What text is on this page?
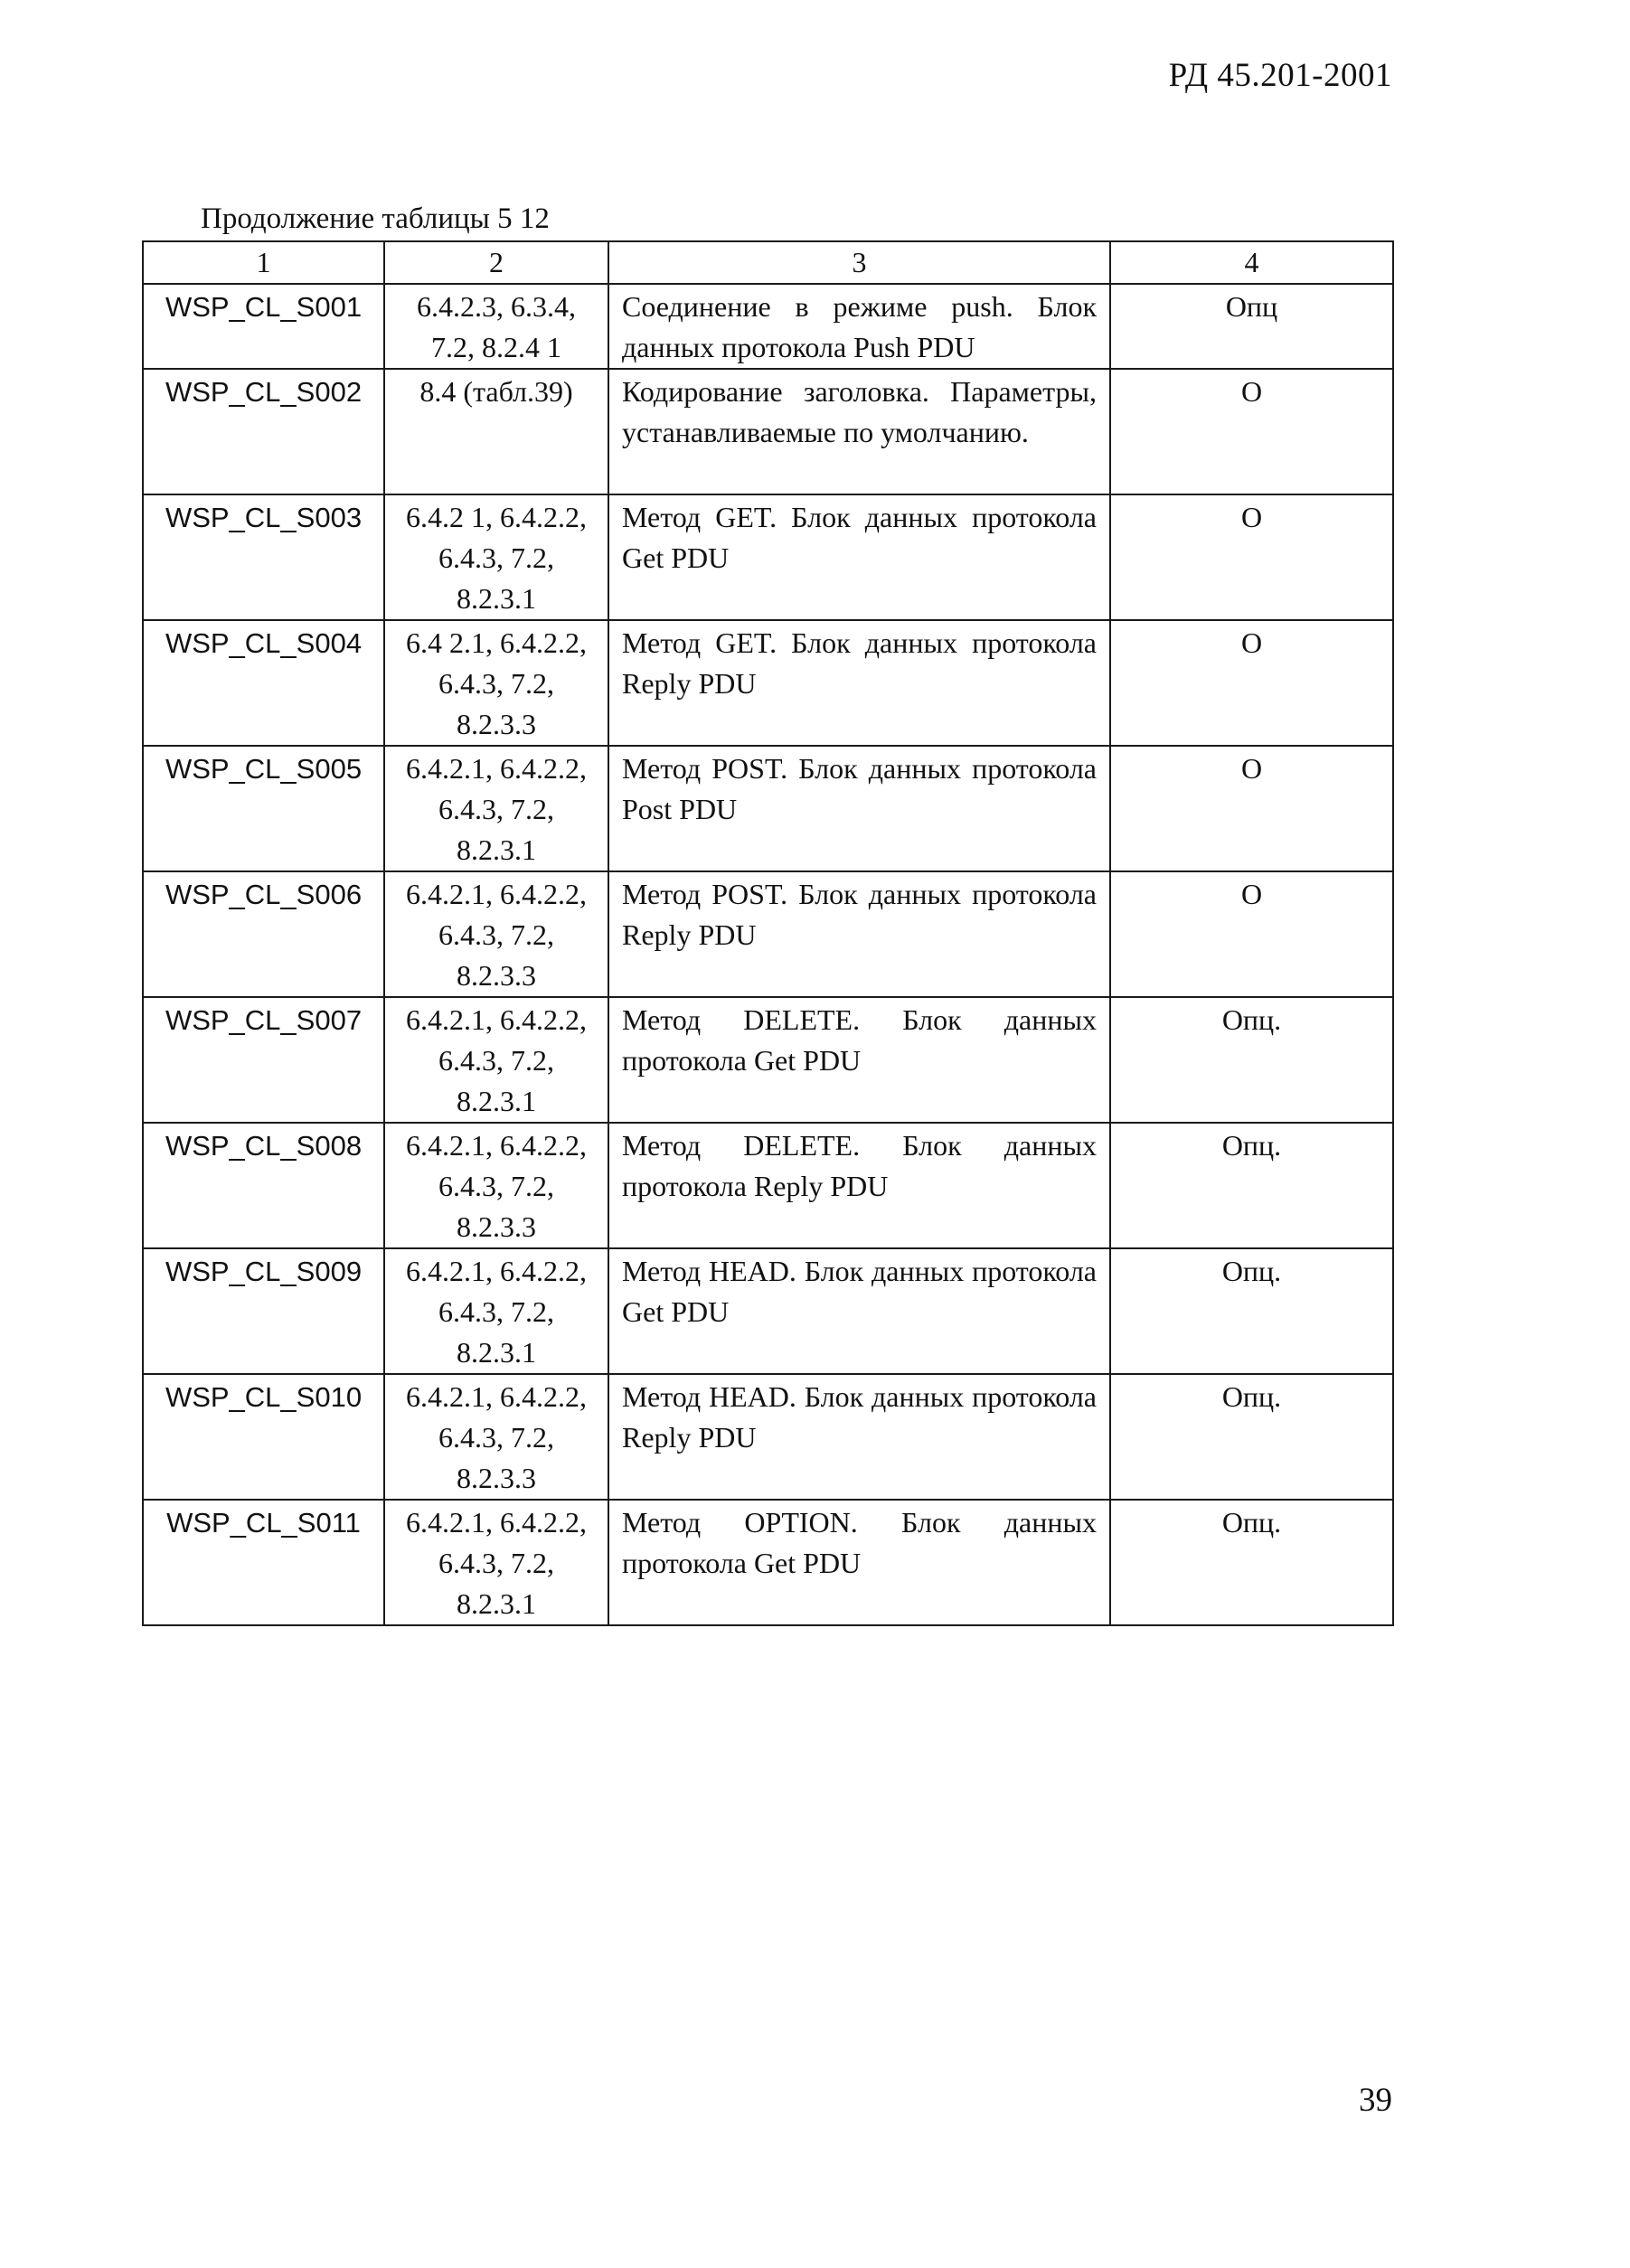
РД 45.201-2001

Продолжение таблицы 5 12

1	2	3	4
WSP_CL_S001	6.4.2.3, 6.3.4, 7.2, 8.2.4 1	Соединение в режиме push. Блок данных протокола Push PDU	Опц
WSP_CL_S002	8.4 (табл.39)	Кодирование заголовка. Параметры, устанавливаемые по умолчанию.	О
WSP_CL_S003	6.4.2 1, 6.4.2.2, 6.4.3, 7.2, 8.2.3.1	Метод GET. Блок данных протокола Get PDU	О
WSP_CL_S004	6.4 2.1, 6.4.2.2, 6.4.3, 7.2, 8.2.3.3	Метод GET. Блок данных протокола Reply PDU	О
WSP_CL_S005	6.4.2.1, 6.4.2.2, 6.4.3, 7.2, 8.2.3.1	Метод POST. Блок данных протокола Post PDU	О
WSP_CL_S006	6.4.2.1, 6.4.2.2, 6.4.3, 7.2, 8.2.3.3	Метод POST. Блок данных протокола Reply PDU	О
WSP_CL_S007	6.4.2.1, 6.4.2.2, 6.4.3, 7.2, 8.2.3.1	Метод DELETE. Блок данных протокола Get PDU	Опц.
WSP_CL_S008	6.4.2.1, 6.4.2.2, 6.4.3, 7.2, 8.2.3.3	Метод DELETE. Блок данных протокола Reply PDU	Опц.
WSP_CL_S009	6.4.2.1, 6.4.2.2, 6.4.3, 7.2, 8.2.3.1	Метод HEAD. Блок данных протокола Get PDU	Опц.
WSP_CL_S010	6.4.2.1, 6.4.2.2, 6.4.3, 7.2, 8.2.3.3	Метод HEAD. Блок данных протокола Reply PDU	Опц.
WSP_CL_S011	6.4.2.1, 6.4.2.2, 6.4.3, 7.2, 8.2.3.1	Метод OPTION. Блок данных протокола Get PDU	Опц.

39
